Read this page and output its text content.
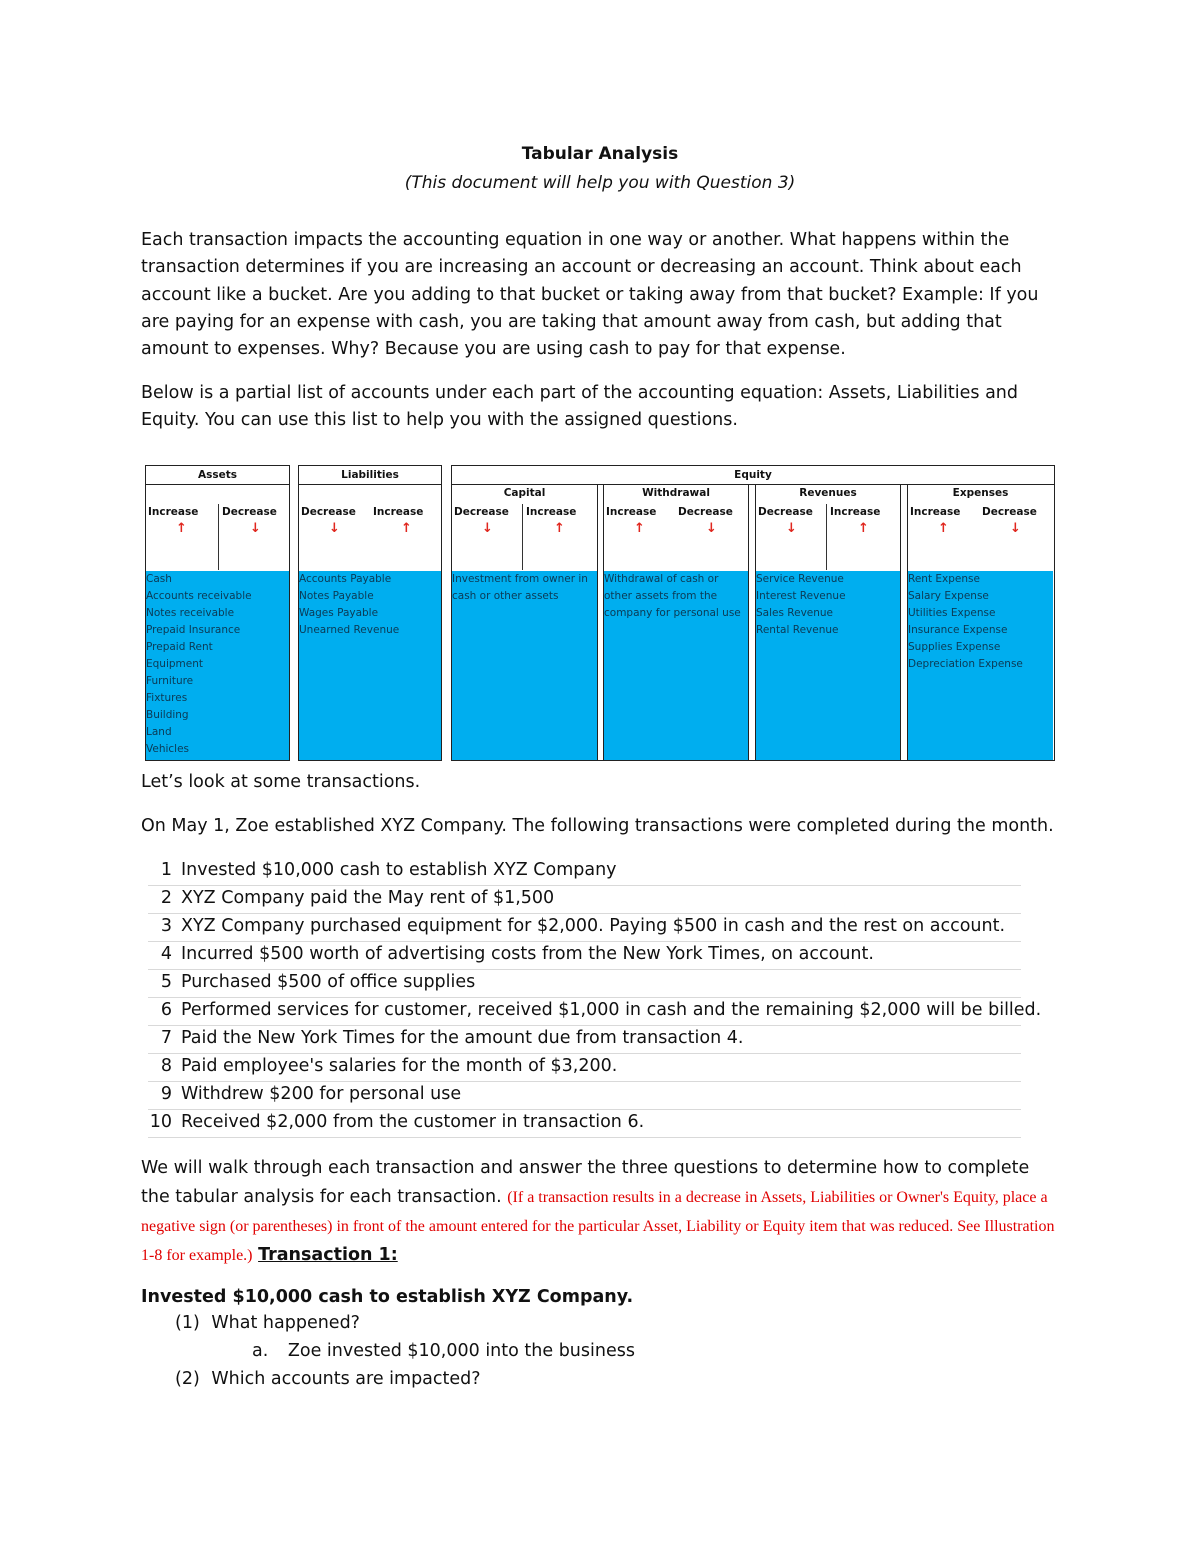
Tabular Analysis
(This document will help you with Question 3)

Each transaction impacts the accounting equation in one way or another. What happens within the transaction determines if you are increasing an account or decreasing an account. Think about each account like a bucket. Are you adding to that bucket or taking away from that bucket? Example: If you are paying for an expense with cash, you are taking that amount away from cash, but adding that amount to expenses. Why? Because you are using cash to pay for that expense.

Below is a partial list of accounts under each part of the accounting equation: Assets, Liabilities and Equity. You can use this list to help you with the assigned questions.

Assets
Increase Decrease
↑	↓
Cash
Accounts receivable
Notes receivable
Prepaid Insurance
Prepaid Rent
Equipment
Furniture
Fixtures
Building
Land
Vehicles
Liabilities
Decrease Increase
↓	↑
Accounts Payable
Notes Payable
Wages Payable
Unearned Revenue
Equity
Capital
Decrease Increase
↓	↑
Investment from owner in
cash or other assets
Withdrawal
Increase Decrease
↑	↓
Withdrawal of cash or
other assets from the
company for personal use
Revenues
Decrease Increase
↓	↑
Service Revenue
Interest Revenue
Sales Revenue
Rental Revenue
Expenses
Increase Decrease
↑	↓
Rent Expense
Salary Expense
Utilities Expense
Insurance Expense
Supplies Expense
Depreciation Expense
Let’s look at some transactions.
On May 1, Zoe established XYZ Company. The following transactions were completed during the month.
1 Invested $10,000 cash to establish XYZ Company
2 XYZ Company paid the May rent of $1,500
3 XYZ Company purchased equipment for $2,000. Paying $500 in cash and the rest on account.
4 Incurred $500 worth of advertising costs from the New York Times, on account.
5 Purchased $500 of office supplies
6 Performed services for customer, received $1,000 in cash and the remaining $2,000 will be billed.
7 Paid the New York Times for the amount due from transaction 4.
8 Paid employee's salaries for the month of $3,200.
9 Withdrew $200 for personal use
10 Received $2,000 from the customer in transaction 6.
We will walk through each transaction and answer the three questions to determine how to complete the tabular analysis for each transaction. (If a transaction results in a decrease in Assets, Liabilities or Owner's Equity, place a negative sign (or parentheses) in front of the amount entered for the particular Asset, Liability or Equity item that was reduced. See Illustration 1-8 for example.) Transaction 1:
Invested $10,000 cash to establish XYZ Company.
(1) What happened?
a. Zoe invested $10,000 into the business
(2) Which accounts are impacted?
